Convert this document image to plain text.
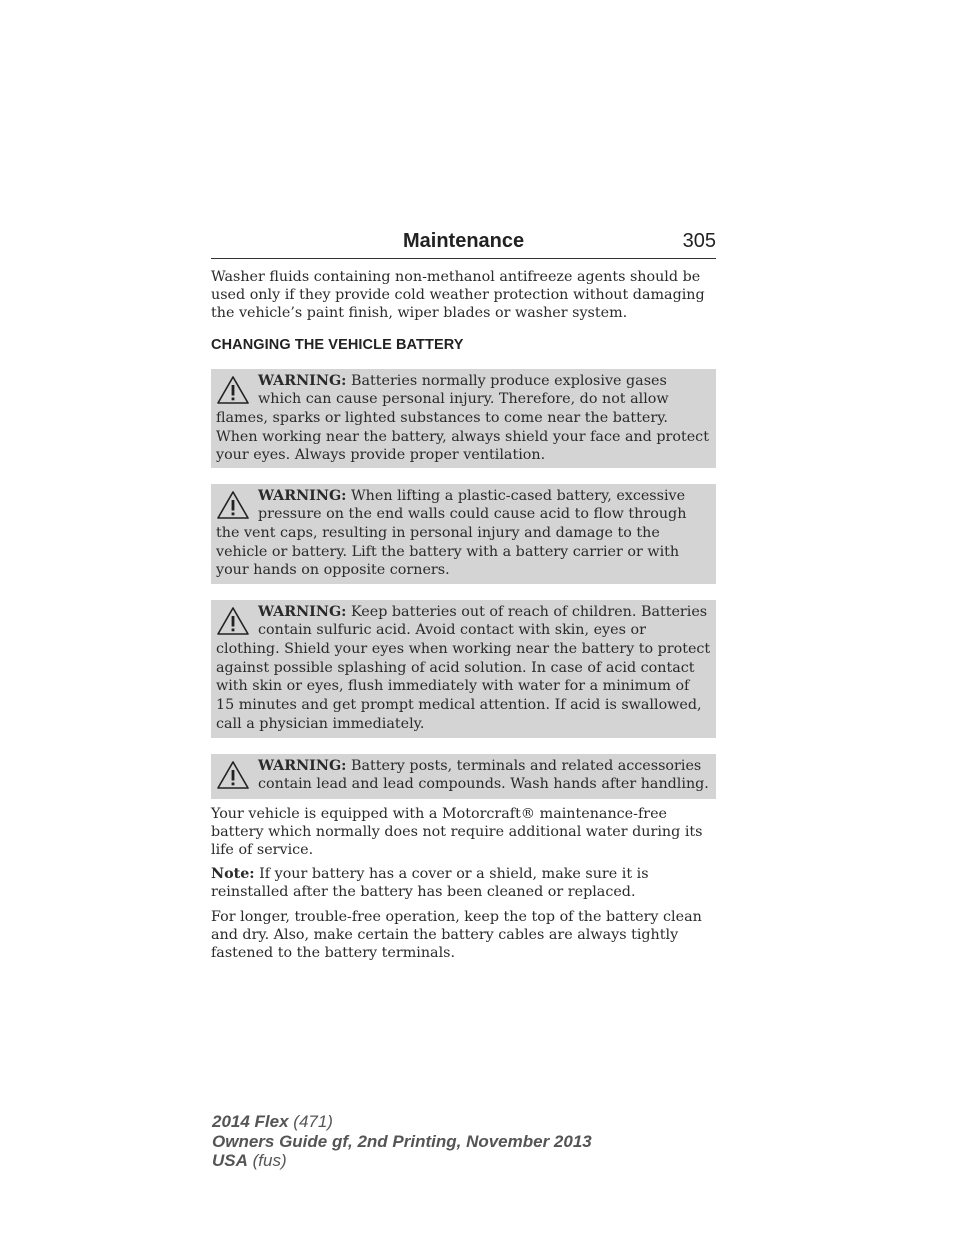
Maintenance	305

Washer fluids containing non-methanol antifreeze agents should be used only if they provide cold weather protection without damaging the vehicle’s paint finish, wiper blades or washer system.

CHANGING THE VEHICLE BATTERY
WARNING: Batteries normally produce explosive gases which can cause personal injury. Therefore, do not allow flames, sparks or lighted substances to come near the battery. When working near the battery, always shield your face and protect your eyes. Always provide proper ventilation.
WARNING: When lifting a plastic-cased battery, excessive pressure on the end walls could cause acid to flow through the vent caps, resulting in personal injury and damage to the vehicle or battery. Lift the battery with a battery carrier or with your hands on opposite corners.
WARNING: Keep batteries out of reach of children. Batteries contain sulfuric acid. Avoid contact with skin, eyes or clothing. Shield your eyes when working near the battery to protect against possible splashing of acid solution. In case of acid contact with skin or eyes, flush immediately with water for a minimum of 15 minutes and get prompt medical attention. If acid is swallowed, call a physician immediately.
WARNING: Battery posts, terminals and related accessories contain lead and lead compounds. Wash hands after handling.

Your vehicle is equipped with a Motorcraft® maintenance-free battery which normally does not require additional water during its life of service.

Note: If your battery has a cover or a shield, make sure it is reinstalled after the battery has been cleaned or replaced.

For longer, trouble-free operation, keep the top of the battery clean and dry. Also, make certain the battery cables are always tightly fastened to the battery terminals.

2014 Flex (471)
Owners Guide gf, 2nd Printing, November 2013
USA (fus)
